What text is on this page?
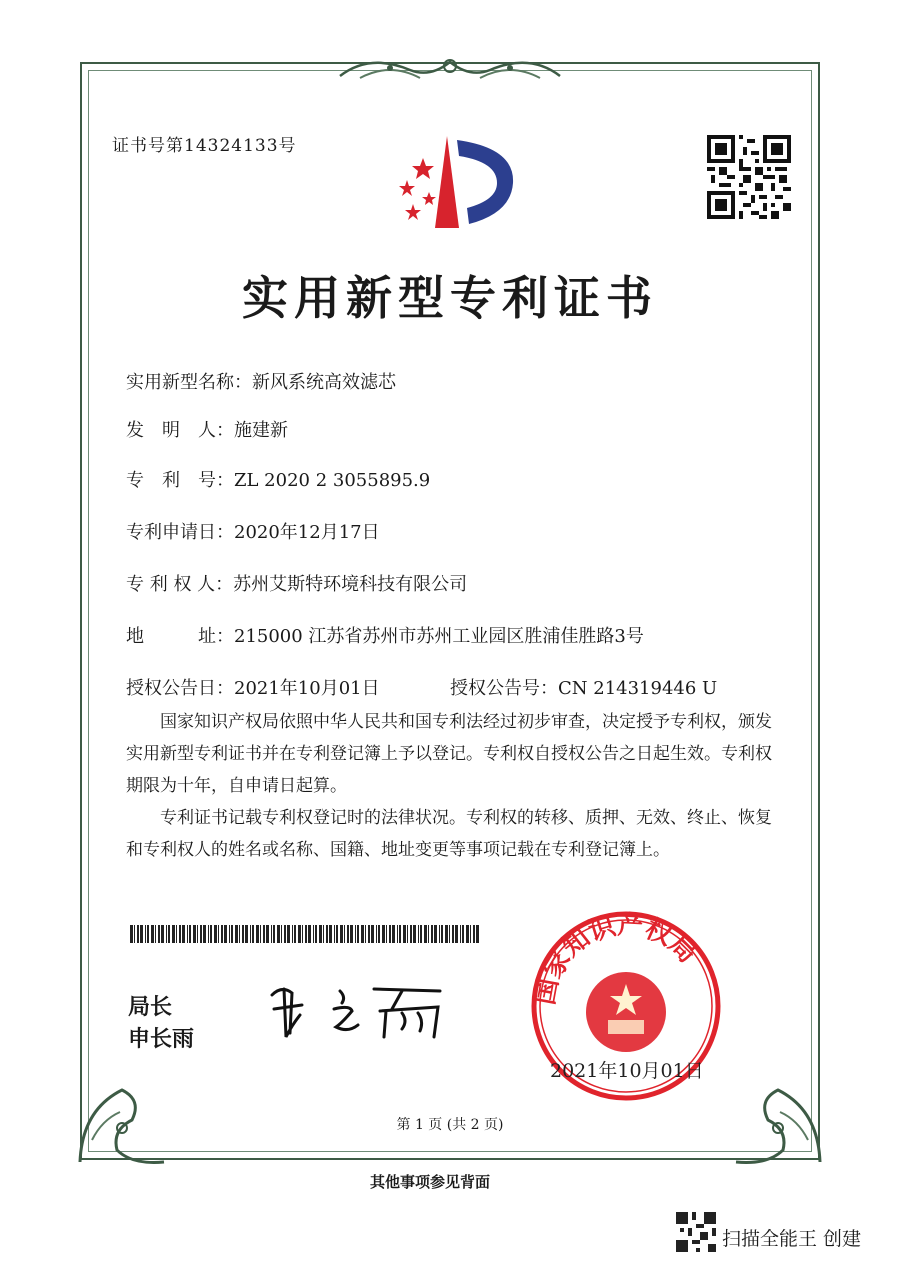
证书号第14324133号
实用新型专利证书
实用新型名称：新风系统高效滤芯
发　明　人：施建新
专　利　号：ZL 2020 2 3055895.9
专利申请日：2020年12月17日
专 利 权 人：苏州艾斯特环境科技有限公司
地　　　址：215000 江苏省苏州市苏州工业园区胜浦佳胜路3号
授权公告日：2021年10月01日	授权公告号：CN 214319446 U

国家知识产权局依照中华人民共和国专利法经过初步审查，决定授予专利权，颁发实用新型专利证书并在专利登记簿上予以登记。专利权自授权公告之日起生效。专利权期限为十年，自申请日起算。

专利证书记载专利权登记时的法律状况。专利权的转移、质押、无效、终止、恢复和专利权人的姓名或名称、国籍、地址变更等事项记载在专利登记簿上。

局长
申长雨
国家知识产权局
2021年10月01日
第 1 页 (共 2 页)
其他事项参见背面
扫描全能王 创建
